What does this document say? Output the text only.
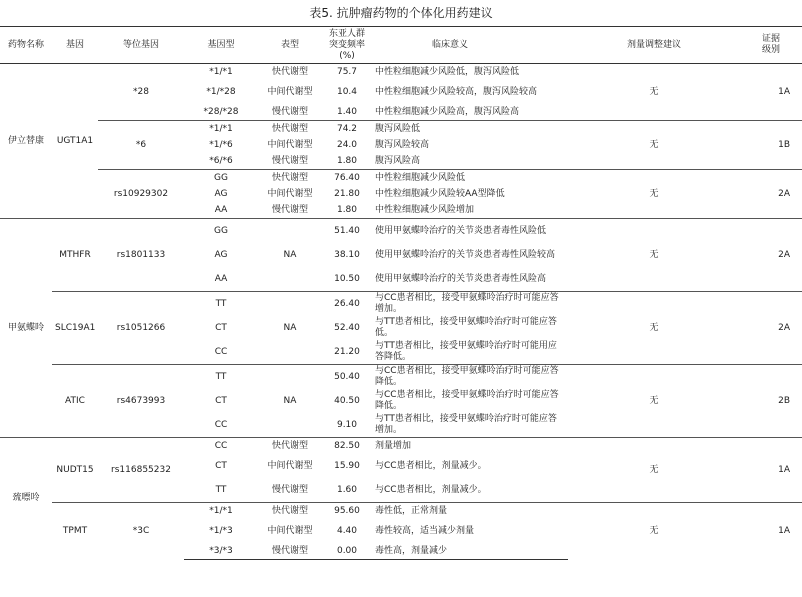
表5. 抗肿瘤药物的个体化用药建议
药物名称	基因	等位基因	基因型	表型	东亚人群
突变频率
(%)	临床意义	剂量调整建议	证据
级别
伊立替康	UGT1A1	*28	*1/*1	快代谢型	75.7	中性粒细胞减少风险低，腹泻风险低	无	1A
			*1/*28	中间代谢型	10.4	中性粒细胞减少风险较高，腹泻风险较高		
			*28/*28	慢代谢型	1.40	中性粒细胞减少风险高，腹泻风险高		
		*6	*1/*1	快代谢型	74.2	腹泻风险低	无	1B
			*1/*6	中间代谢型	24.0	腹泻风险较高		
			*6/*6	慢代谢型	1.80	腹泻风险高		
		rs10929302	GG	快代谢型	76.40	中性粒细胞减少风险低	无	2A
			AG	中间代谢型	21.80	中性粒细胞减少风险较AA型降低		
			AA	慢代谢型	1.80	中性粒细胞减少风险增加		
甲氨蝶呤	MTHFR	rs1801133	GG	NA	51.40	使用甲氨蝶呤治疗的关节炎患者毒性风险低	无	2A
			AG		38.10	使用甲氨蝶呤治疗的关节炎患者毒性风险较高		
			AA		10.50	使用甲氨蝶呤治疗的关节炎患者毒性风险高		
	SLC19A1	rs1051266	TT	NA	26.40	与CC患者相比，接受甲氨蝶呤治疗时可能应答增加。	无	2A
			CT		52.40	与TT患者相比，接受甲氨蝶呤治疗时可能应答低。		
			CC		21.20	与TT患者相比，接受甲氨蝶呤治疗时可能用应答降低。		
	ATIC	rs4673993	TT	NA	50.40	与CC患者相比，接受甲氨蝶呤治疗时可能应答降低。	无	2B
			CT		40.50	与CC患者相比，接受甲氨蝶呤治疗时可能应答降低。		
			CC		9.10	与TT患者相比，接受甲氨蝶呤治疗时可能应答增加。		
巯嘌呤	NUDT15	rs116855232	CC	快代谢型	82.50	剂量增加	无	1A
			CT	中间代谢型	15.90	与CC患者相比，剂量减少。		
			TT	慢代谢型	1.60	与CC患者相比，剂量减少。		
	TPMT	*3C	*1/*1	快代谢型	95.60	毒性低，正常剂量	无	1A
			*1/*3	中间代谢型	4.40	毒性较高，适当减少剂量		
			*3/*3	慢代谢型	0.00	毒性高，剂量减少		
